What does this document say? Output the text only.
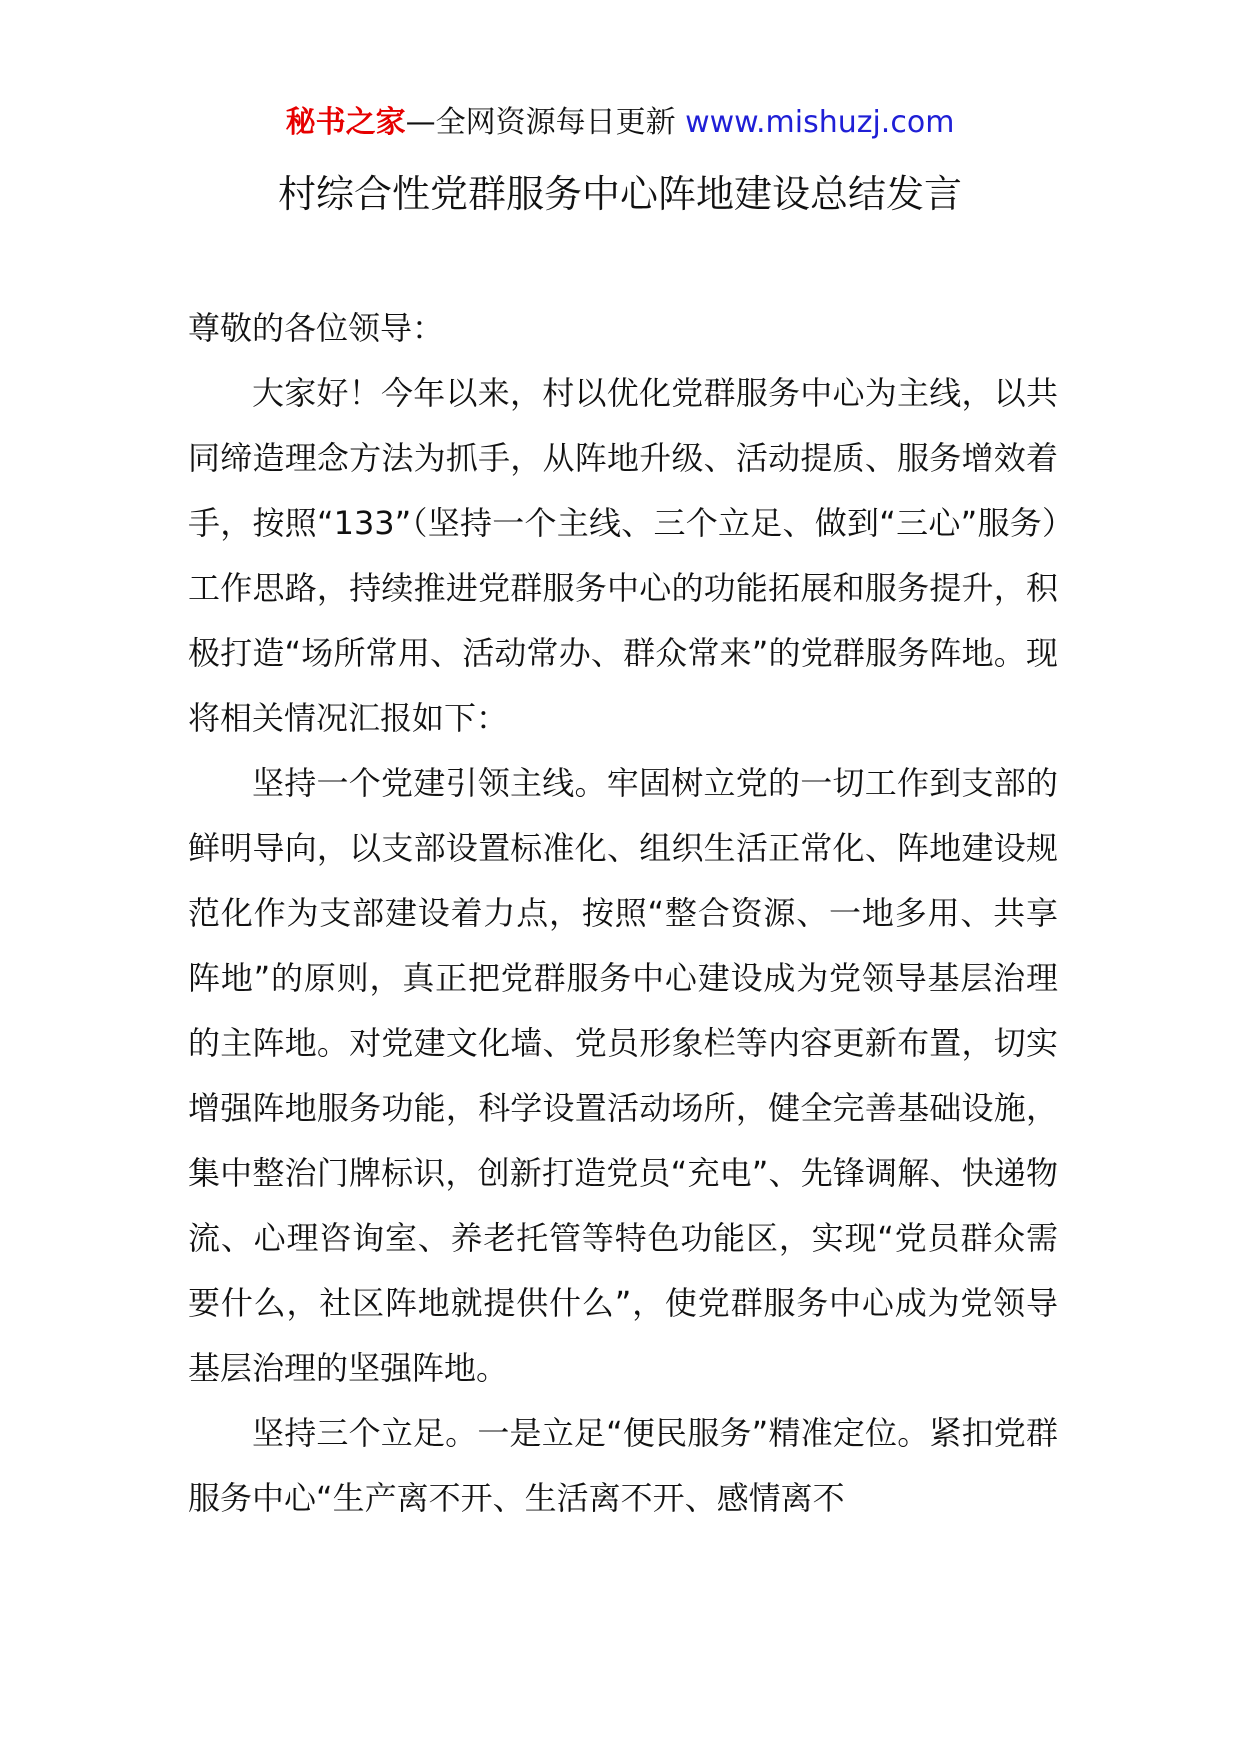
秘书之家—全网资源每日更新 www.mishuzj.com
村综合性党群服务中心阵地建设总结发言

尊敬的各位领导：

大家好！今年以来，村以优化党群服务中心为主线，以共同缔造理念方法为抓手，从阵地升级、活动提质、服务增效着手，按照“133”（坚持一个主线、三个立足、做到“三心”服务）工作思路，持续推进党群服务中心的功能拓展和服务提升，积极打造“场所常用、活动常办、群众常来”的党群服务阵地。现将相关情况汇报如下：

坚持一个党建引领主线。牢固树立党的一切工作到支部的鲜明导向，以支部设置标准化、组织生活正常化、阵地建设规范化作为支部建设着力点，按照“整合资源、一地多用、共享阵地”的原则，真正把党群服务中心建设成为党领导基层治理的主阵地。对党建文化墙、党员形象栏等内容更新布置，切实增强阵地服务功能，科学设置活动场所，健全完善基础设施，集中整治门牌标识，创新打造党员“充电”、先锋调解、快递物流、心理咨询室、养老托管等特色功能区，实现“党员群众需要什么，社区阵地就提供什么”，使党群服务中心成为党领导基层治理的坚强阵地。

坚持三个立足。一是立足“便民服务”精准定位。紧扣党群服务中心“生产离不开、生活离不开、感情离不
